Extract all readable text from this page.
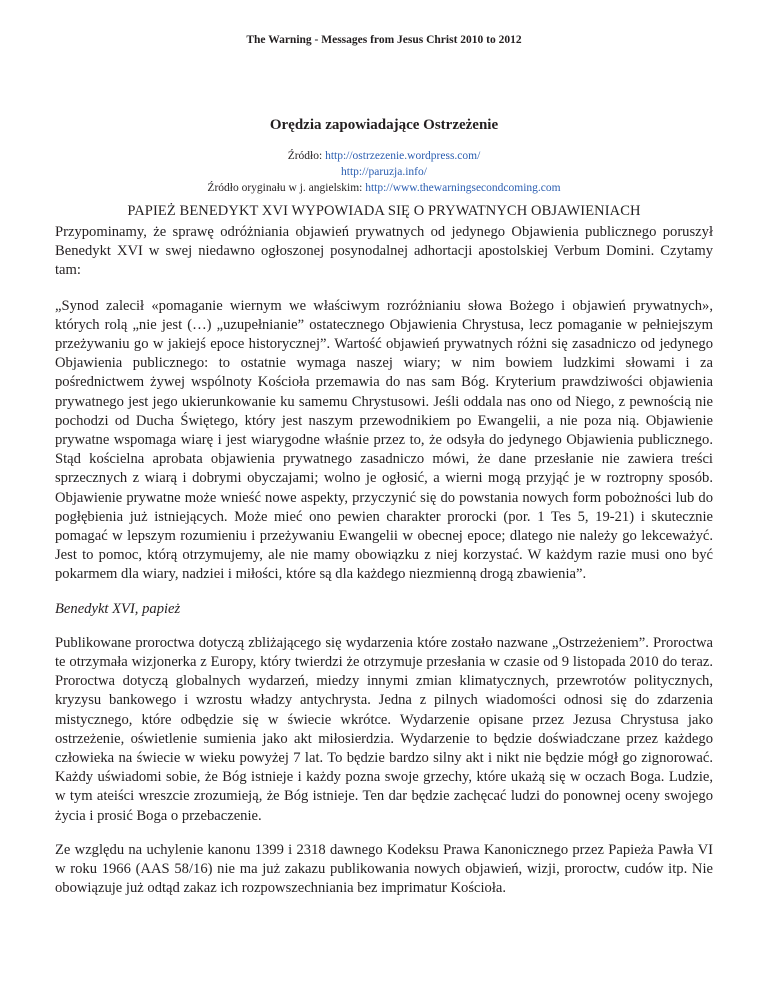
The Warning - Messages from Jesus Christ 2010 to 2012
Orędzia zapowiadające Ostrzeżenie
Źródło: http://ostrzezenie.wordpress.com/
http://paruzja.info/
Źródło oryginału w j. angielskim: http://www.thewarningsecondcoming.com
PAPIEŻ BENEDYKT XVI WYPOWIADA SIĘ O PRYWATNYCH OBJAWIENIACH

Przypominamy, że sprawę odróżniania objawień prywatnych od jedynego Objawienia publicznego poruszył Benedykt XVI w swej niedawno ogłoszonej posynodalnej adhortacji apostolskiej Verbum Domini. Czytamy tam:

„Synod zalecił «pomaganie wiernym we właściwym rozróżnianiu słowa Bożego i objawień prywatnych», których rolą „nie jest (…) „uzupełnianie” ostatecznego Objawienia Chrystusa, lecz pomaganie w pełniejszym przeżywaniu go w jakiejś epoce historycznej”. Wartość objawień prywatnych różni się zasadniczo od jedynego Objawienia publicznego: to ostatnie wymaga naszej wiary; w nim bowiem ludzkimi słowami i za pośrednictwem żywej wspólnoty Kościoła przemawia do nas sam Bóg. Kryterium prawdziwości objawienia prywatnego jest jego ukierunkowanie ku samemu Chrystusowi. Jeśli oddala nas ono od Niego, z pewnością nie pochodzi od Ducha Świętego, który jest naszym przewodnikiem po Ewangelii, a nie poza nią. Objawienie prywatne wspomaga wiarę i jest wiarygodne właśnie przez to, że odsyła do jedynego Objawienia publicznego. Stąd kościelna aprobata objawienia prywatnego zasadniczo mówi, że dane przesłanie nie zawiera treści sprzecznych z wiarą i dobrymi obyczajami; wolno je ogłosić, a wierni mogą przyjąć je w roztropny sposób. Objawienie prywatne może wnieść nowe aspekty, przyczynić się do powstania nowych form pobożności lub do pogłębienia już istniejących. Może mieć ono pewien charakter prorocki (por. 1 Tes 5, 19-21) i skutecznie pomagać w lepszym rozumieniu i przeżywaniu Ewangelii w obecnej epoce; dlatego nie należy go lekceważyć. Jest to pomoc, którą otrzymujemy, ale nie mamy obowiązku z niej korzystać. W każdym razie musi ono być pokarmem dla wiary, nadziei i miłości, które są dla każdego niezmienną drogą zbawienia”.

Benedykt XVI, papież

Publikowane proroctwa dotyczą zbliżającego się wydarzenia które zostało nazwane „Ostrzeżeniem”. Proroctwa te otrzymała wizjonerka z Europy, który twierdzi że otrzymuje przesłania w czasie od 9 listopada 2010 do teraz. Proroctwa dotyczą globalnych wydarzeń, miedzy innymi zmian klimatycznych, przewrotów politycznych, kryzysu bankowego i wzrostu władzy antychrysta. Jedna z pilnych wiadomości odnosi się do zdarzenia mistycznego, które odbędzie się w świecie wkrótce. Wydarzenie opisane przez Jezusa Chrystusa jako ostrzeżenie, oświetlenie sumienia jako akt miłosierdzia. Wydarzenie to będzie doświadczane przez każdego człowieka na świecie w wieku powyżej 7 lat. To będzie bardzo silny akt i nikt nie będzie mógł go zignorować. Każdy uświadomi sobie, że Bóg istnieje i każdy pozna swoje grzechy, które ukażą się w oczach Boga. Ludzie, w tym ateiści wreszcie zrozumieją, że Bóg istnieje. Ten dar będzie zachęcać ludzi do ponownej oceny swojego życia i prosić Boga o przebaczenie.

Ze względu na uchylenie kanonu 1399 i 2318 dawnego Kodeksu Prawa Kanonicznego przez Papieża Pawła VI w roku 1966 (AAS 58/16) nie ma już zakazu publikowania nowych objawień, wizji, proroctw, cudów itp. Nie obowiązuje już odtąd zakaz ich rozpowszechniania bez imprimatur Kościoła.
